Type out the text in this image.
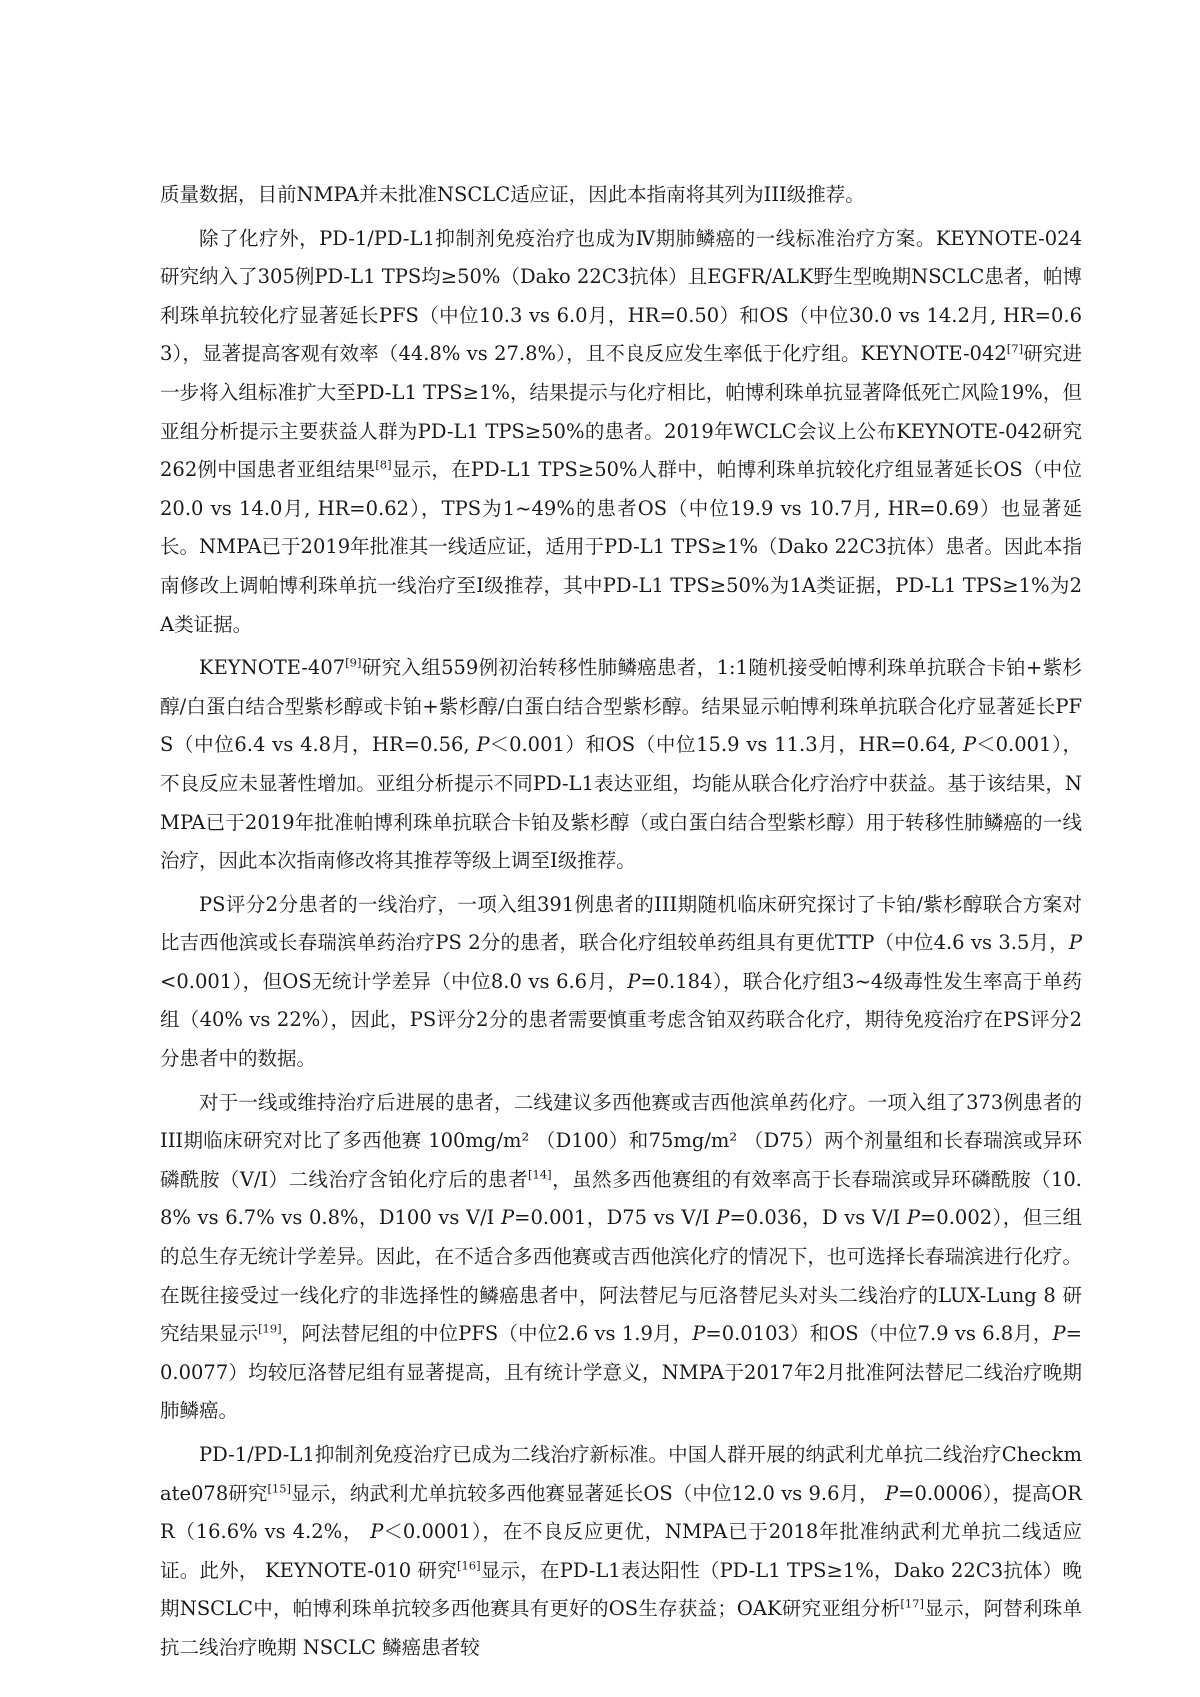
质量数据，目前NMPA并未批准NSCLC适应证，因此本指南将其列为III级推荐。

除了化疗外，PD-1/PD-L1抑制剂免疫治疗也成为Ⅳ期肺鳞癌的一线标准治疗方案。KEYNOTE-024研究纳入了305例PD-L1 TPS均≥50%（Dako 22C3抗体）且EGFR/ALK野生型晚期NSCLC患者，帕博利珠单抗较化疗显著延长PFS（中位10.3 vs 6.0月，HR=0.50）和OS（中位30.0 vs 14.2月, HR=0.63），显著提高客观有效率（44.8% vs 27.8%），且不良反应发生率低于化疗组。KEYNOTE-042[7]研究进一步将入组标准扩大至PD-L1 TPS≥1%，结果提示与化疗相比，帕博利珠单抗显著降低死亡风险19%，但亚组分析提示主要获益人群为PD-L1 TPS≥50%的患者。2019年WCLC会议上公布KEYNOTE-042研究262例中国患者亚组结果[8]显示，在PD-L1 TPS≥50%人群中，帕博利珠单抗较化疗组显著延长OS（中位20.0 vs 14.0月, HR=0.62），TPS为1~49%的患者OS（中位19.9 vs 10.7月, HR=0.69）也显著延长。NMPA已于2019年批准其一线适应证，适用于PD-L1 TPS≥1%（Dako 22C3抗体）患者。因此本指南修改上调帕博利珠单抗一线治疗至Ⅰ级推荐，其中PD-L1 TPS≥50%为1A类证据，PD-L1 TPS≥1%为2A类证据。

KEYNOTE-407[9]研究入组559例初治转移性肺鳞癌患者，1:1随机接受帕博利珠单抗联合卡铂+紫杉醇/白蛋白结合型紫杉醇或卡铂+紫杉醇/白蛋白结合型紫杉醇。结果显示帕博利珠单抗联合化疗显著延长PFS（中位6.4 vs 4.8月，HR=0.56, P＜0.001）和OS（中位15.9 vs 11.3月，HR=0.64, P＜0.001），不良反应未显著性增加。亚组分析提示不同PD-L1表达亚组，均能从联合化疗治疗中获益。基于该结果，NMPA已于2019年批准帕博利珠单抗联合卡铂及紫杉醇（或白蛋白结合型紫杉醇）用于转移性肺鳞癌的一线治疗，因此本次指南修改将其推荐等级上调至Ⅰ级推荐。

PS评分2分患者的一线治疗，一项入组391例患者的III期随机临床研究探讨了卡铂/紫杉醇联合方案对比吉西他滨或长春瑞滨单药治疗PS 2分的患者，联合化疗组较单药组具有更优TTP（中位4.6 vs 3.5月，P<0.001），但OS无统计学差异（中位8.0 vs 6.6月，P=0.184），联合化疗组3~4级毒性发生率高于单药组（40% vs 22%），因此，PS评分2分的患者需要慎重考虑含铂双药联合化疗，期待免疫治疗在PS评分2分患者中的数据。

对于一线或维持治疗后进展的患者，二线建议多西他赛或吉西他滨单药化疗。一项入组了373例患者的III期临床研究对比了多西他赛 100mg/m² （D100）和75mg/m² （D75）两个剂量组和长春瑞滨或异环磷酰胺（V/I）二线治疗含铂化疗后的患者[14]，虽然多西他赛组的有效率高于长春瑞滨或异环磷酰胺（10.8% vs 6.7% vs 0.8%，D100 vs V/I P=0.001，D75 vs V/I P=0.036，D vs V/I P=0.002），但三组的总生存无统计学差异。因此，在不适合多西他赛或吉西他滨化疗的情况下，也可选择长春瑞滨进行化疗。在既往接受过一线化疗的非选择性的鳞癌患者中，阿法替尼与厄洛替尼头对头二线治疗的LUX-Lung 8 研究结果显示[19]，阿法替尼组的中位PFS（中位2.6 vs 1.9月，P=0.0103）和OS（中位7.9 vs 6.8月，P=0.0077）均较厄洛替尼组有显著提高，且有统计学意义，NMPA于2017年2月批准阿法替尼二线治疗晚期肺鳞癌。

PD-1/PD-L1抑制剂免疫治疗已成为二线治疗新标准。中国人群开展的纳武利尤单抗二线治疗Checkmate078研究[15]显示，纳武利尤单抗较多西他赛显著延长OS（中位12.0 vs 9.6月， P=0.0006），提高ORR（16.6% vs 4.2%， P＜0.0001），在不良反应更优，NMPA已于2018年批准纳武利尤单抗二线适应证。此外， KEYNOTE-010 研究[16]显示，在PD-L1表达阳性（PD-L1 TPS≥1%，Dako 22C3抗体）晚期NSCLC中，帕博利珠单抗较多西他赛具有更好的OS生存获益；OAK研究亚组分析[17]显示，阿替利珠单抗二线治疗晚期 NSCLC 鳞癌患者较
